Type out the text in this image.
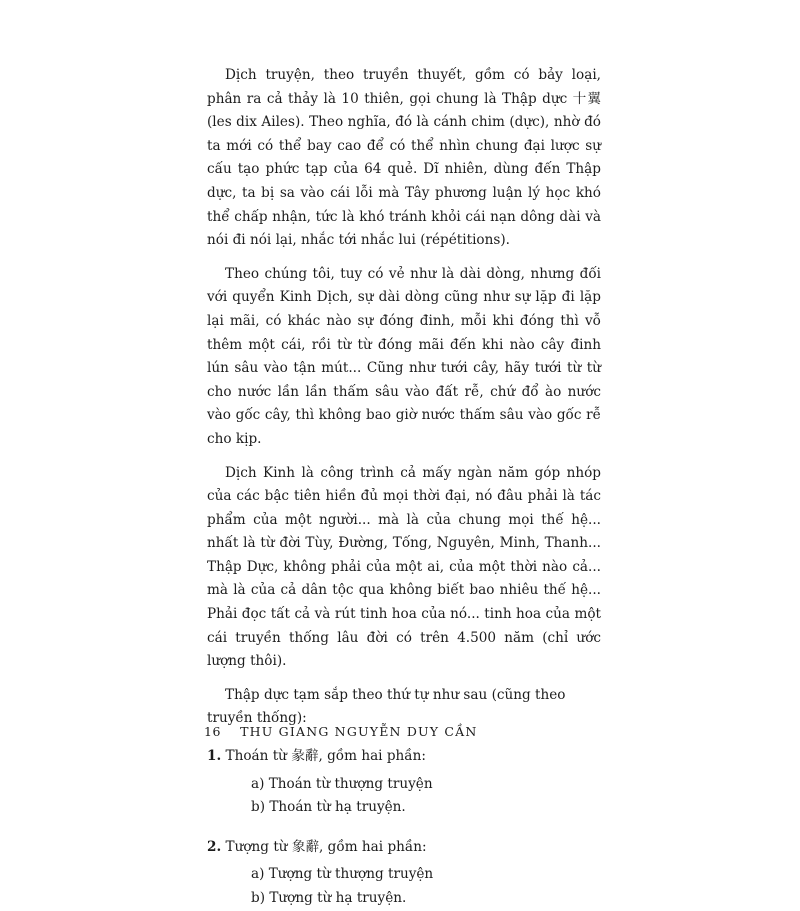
Dịch truyện, theo truyền thuyết, gồm có bảy loại, phân ra cả thảy là 10 thiên, gọi chung là Thập dực 十翼 (les dix Ailes). Theo nghĩa, đó là cánh chim (dực), nhờ đó ta mới có thể bay cao để có thể nhìn chung đại lược sự cấu tạo phức tạp của 64 quẻ. Dĩ nhiên, dùng đến Thập dực, ta bị sa vào cái lỗi mà Tây phương luận lý học khó thể chấp nhận, tức là khó tránh khỏi cái nạn dông dài và nói đi nói lại, nhắc tới nhắc lui (répétitions).

Theo chúng tôi, tuy có vẻ như là dài dòng, nhưng đối với quyển Kinh Dịch, sự dài dòng cũng như sự lặp đi lặp lại mãi, có khác nào sự đóng đinh, mỗi khi đóng thì vỗ thêm một cái, rồi từ từ đóng mãi đến khi nào cây đinh lún sâu vào tận mút... Cũng như tưới cây, hãy tưới từ từ cho nước lần lần thấm sâu vào đất rễ, chứ đổ ào nước vào gốc cây, thì không bao giờ nước thấm sâu vào gốc rễ cho kịp.

Dịch Kinh là công trình cả mấy ngàn năm góp nhóp của các bậc tiên hiền đủ mọi thời đại, nó đâu phải là tác phẩm của một người... mà là của chung mọi thế hệ... nhất là từ đời Tùy, Đường, Tống, Nguyên, Minh, Thanh... Thập Dực, không phải của một ai, của một thời nào cả... mà là của cả dân tộc qua không biết bao nhiêu thế hệ... Phải đọc tất cả và rút tinh hoa của nó... tinh hoa của một cái truyền thống lâu đời có trên 4.500 năm (chỉ ước lượng thôi).

Thập dực tạm sắp theo thứ tự như sau (cũng theo truyền thống):

1. Thoán từ 彖辭, gồm hai phần:
a) Thoán từ thượng truyện
b) Thoán từ hạ truyện.
2. Tượng từ 象辭, gồm hai phần:
a) Tượng từ thượng truyện
b) Tượng từ hạ truyện.
16 THU GIANG NGUYỄN DUY CẦN
